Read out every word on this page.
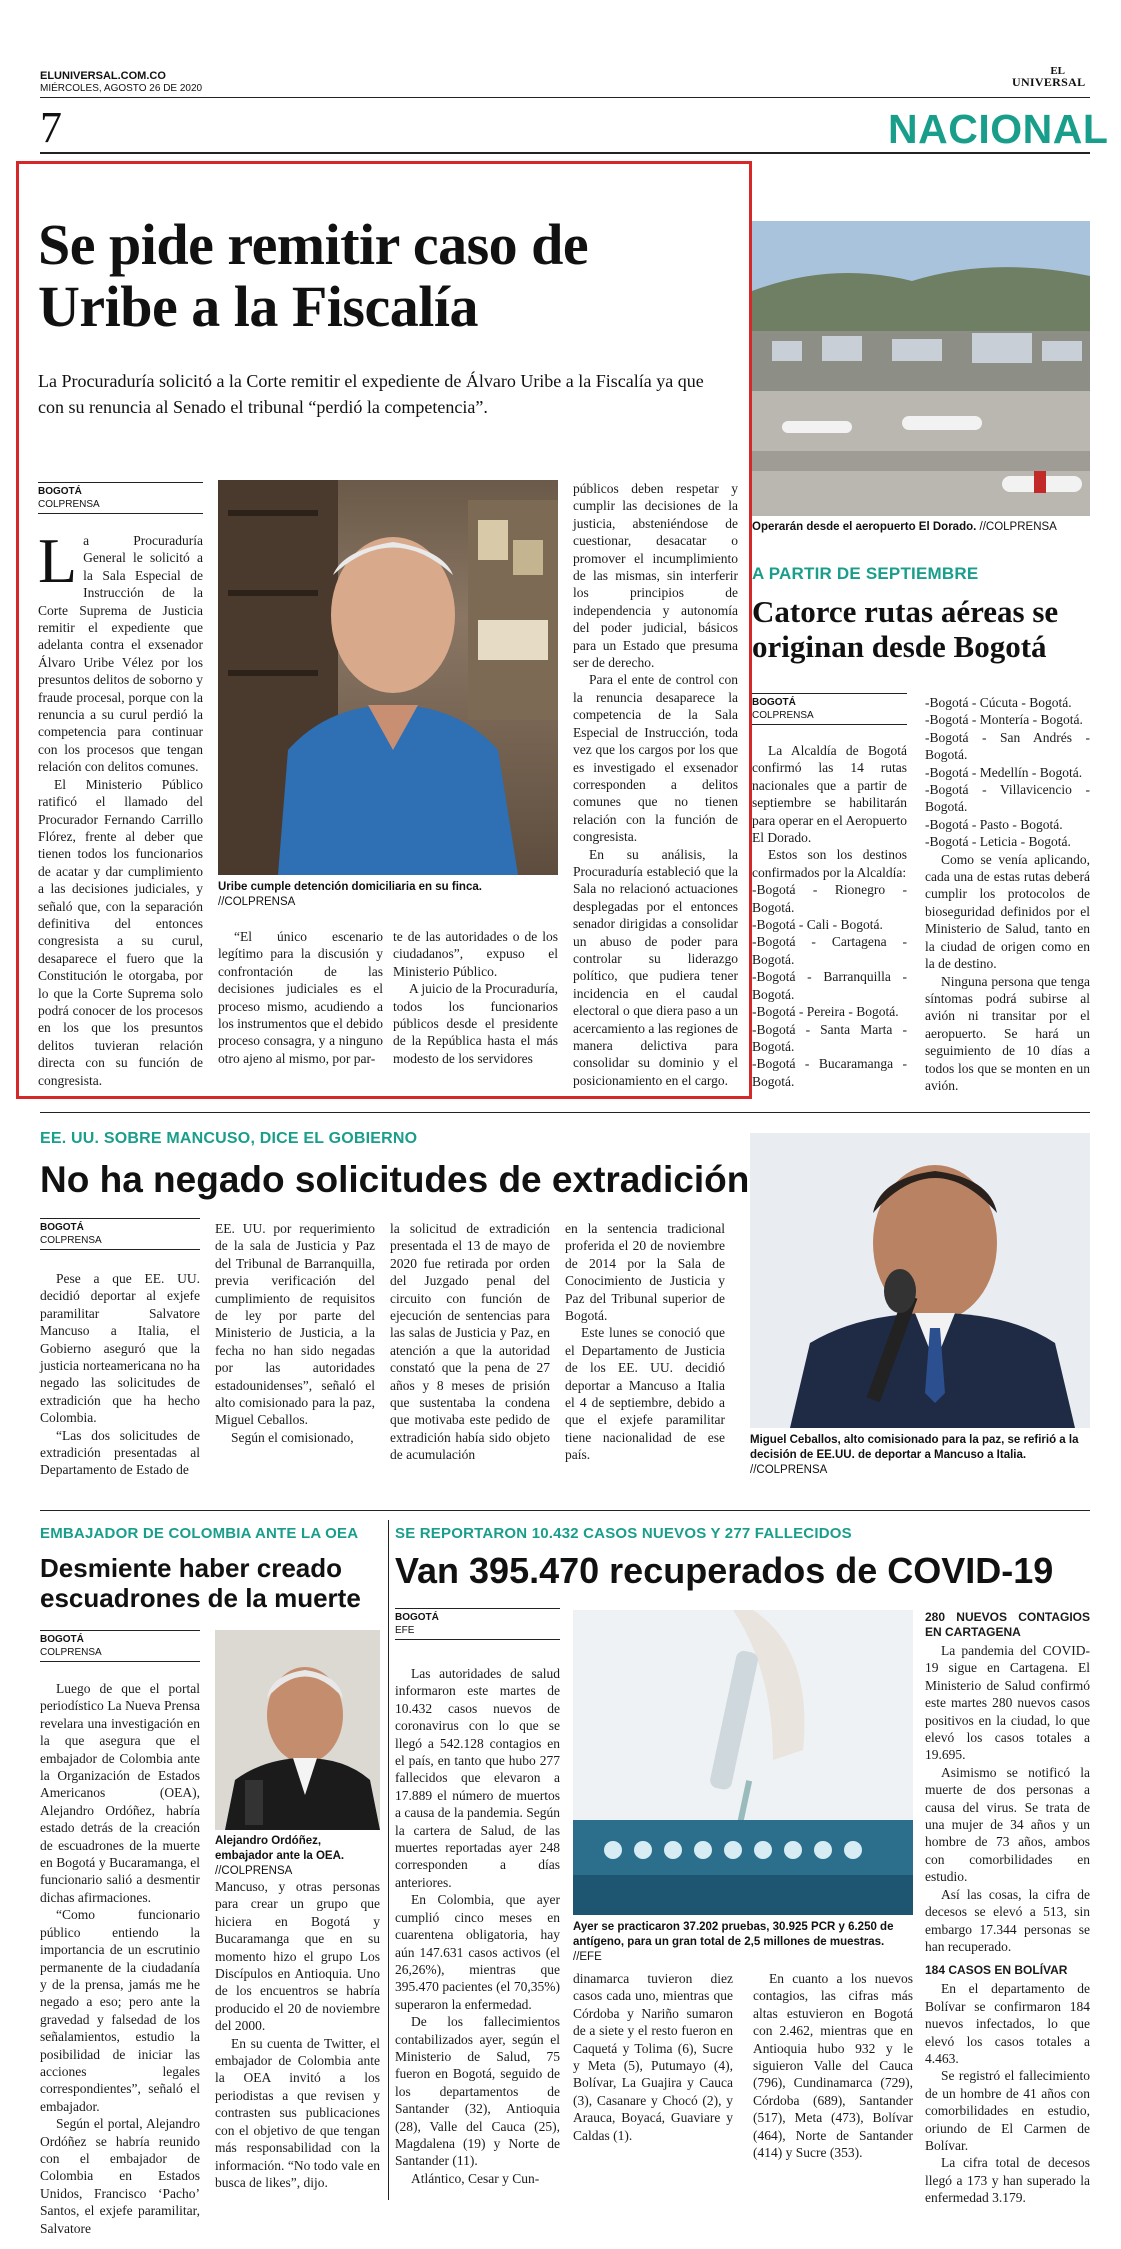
ELUNIVERSAL.COM.CO
MIÉRCOLES, AGOSTO 26 DE 2020
EL
UNIVERSAL
7	NACIONAL
Se pide remitir caso de Uribe a la Fiscalía
La Procuraduría solicitó a la Corte remitir el expediente de Álvaro Uribe a la Fiscalía ya que con su renuncia al Senado el tribunal “perdió la competencia”.
BOGOTÁ
COLPRENSA

La Procuraduría General le solicitó a la Sala Especial de Instrucción de la Corte Suprema de Justicia remitir el expediente que adelanta contra el exsenador Álvaro Uribe Vélez por los presuntos delitos de soborno y fraude procesal, porque con la renuncia a su curul perdió la competencia para continuar con los procesos que tengan relación con delitos comunes.

El Ministerio Público ratificó el llamado del Procurador Fernando Carrillo Flórez, frente al deber que tienen todos los funcionarios de acatar y dar cumplimiento a las decisiones judiciales, y señaló que, con la separación definitiva del entonces congresista a su curul, desaparece el fuero que la Constitución le otorgaba, por lo que la Corte Suprema solo podrá conocer de los procesos en los que los presuntos delitos tuvieran relación directa con su función de congresista.

Uribe cumple detención domiciliaria en su finca. //COLPRENSA

“El único escenario legítimo para la discusión y confrontación de las decisiones judiciales es el proceso mismo, acudiendo a los instrumentos que el debido proceso consagra, y a ninguno otro ajeno al mismo, por par-

te de las autoridades o de los ciudadanos”, expuso el Ministerio Público.

A juicio de la Procuraduría, todos los funcionarios públicos desde el presidente de la República hasta el más modesto de los servidores

públicos deben respetar y cumplir las decisiones de la justicia, absteniéndose de cuestionar, desacatar o promover el incumplimiento de las mismas, sin interferir los principios de independencia y autonomía del poder judicial, básicos para un Estado que presuma ser de derecho.

Para el ente de control con la renuncia desaparece la competencia de la Sala Especial de Instrucción, toda vez que los cargos por los que es investigado el exsenador corresponden a delitos comunes que no tienen relación con la función de congresista.

En su análisis, la Procuraduría estableció que la Sala no relacionó actuaciones desplegadas por el entonces senador dirigidas a consolidar un abuso de poder para controlar su liderazgo político, que pudiera tener incidencia en el caudal electoral o que diera paso a un acercamiento a las regiones de manera delictiva para consolidar su dominio y el posicionamiento en el cargo.

Operarán desde el aeropuerto El Dorado. //COLPRENSA
A PARTIR DE SEPTIEMBRE
Catorce rutas aéreas se originan desde Bogotá
BOGOTÁ
COLPRENSA

La Alcaldía de Bogotá confirmó las 14 rutas nacionales que a partir de septiembre se habilitarán para operar en el Aeropuerto El Dorado.

Estos son los destinos confirmados por la Alcaldía:

-Bogotá - Rionegro - Bogotá.
-Bogotá - Cali - Bogotá.
-Bogotá - Cartagena - Bogotá.
-Bogotá - Barranquilla - Bogotá.
-Bogotá - Pereira - Bogotá.
-Bogotá - Santa Marta - Bogotá.
-Bogotá - Bucaramanga - Bogotá.
-Bogotá - Cúcuta - Bogotá.
-Bogotá - Montería - Bogotá.
-Bogotá - San Andrés - Bogotá.
-Bogotá - Medellín - Bogotá.
-Bogotá - Villavicencio - Bogotá.
-Bogotá - Pasto - Bogotá.
-Bogotá - Leticia - Bogotá.

Como se venía aplicando, cada una de estas rutas deberá cumplir los protocolos de bioseguridad definidos por el Ministerio de Salud, tanto en la ciudad de origen como en la de destino.

Ninguna persona que tenga síntomas podrá subirse al avión ni transitar por el aeropuerto. Se hará un seguimiento de 10 días a todos los que se monten en un avión.

EE. UU. SOBRE MANCUSO, DICE EL GOBIERNO
No ha negado solicitudes de extradición
BOGOTÁ
COLPRENSA

Pese a que EE. UU. decidió deportar al exjefe paramilitar Salvatore Mancuso a Italia, el Gobierno aseguró que la justicia norteamericana no ha negado las solicitudes de extradición que ha hecho Colombia.

“Las dos solicitudes de extradición presentadas al Departamento de Estado de

EE. UU. por requerimiento de la sala de Justicia y Paz del Tribunal de Barranquilla, previa verificación del cumplimiento de requisitos de ley por parte del Ministerio de Justicia, a la fecha no han sido negadas por las autoridades estadounidenses”, señaló el alto comisionado para la paz, Miguel Ceballos.

Según el comisionado,

la solicitud de extradición presentada el 13 de mayo de 2020 fue retirada por orden del Juzgado penal del circuito con función de ejecución de sentencias para las salas de Justicia y Paz, en atención a que la autoridad constató que la pena de 27 años y 8 meses de prisión que sustentaba la condena que motivaba este pedido de extradición había sido objeto de acumulación

en la sentencia tradicional proferida el 20 de noviembre de 2014 por la Sala de Conocimiento de Justicia y Paz del Tribunal superior de Bogotá.

Este lunes se conoció que el Departamento de Justicia de los EE. UU. decidió deportar a Mancuso a Italia el 4 de septiembre, debido a que el exjefe paramilitar tiene nacionalidad de ese país.

Miguel Ceballos, alto comisionado para la paz, se refirió a la decisión de EE.UU. de deportar a Mancuso a Italia. //COLPRENSA
EMBAJADOR DE COLOMBIA ANTE LA OEA
Desmiente haber creado escuadrones de la muerte
BOGOTÁ
COLPRENSA

Luego de que el portal periodístico La Nueva Prensa revelara una investigación en la que asegura que el embajador de Colombia ante la Organización de Estados Americanos (OEA), Alejandro Ordóñez, habría estado detrás de la creación de escuadrones de la muerte en Bogotá y Bucaramanga, el funcionario salió a desmentir dichas afirmaciones.

“Como funcionario público entiendo la importancia de un escrutinio permanente de la ciudadanía y de la prensa, jamás me he negado a eso; pero ante la gravedad y falsedad de los señalamientos, estudio la posibilidad de iniciar las acciones legales correspondientes”, señaló el embajador.

Según el portal, Alejandro Ordóñez se habría reunido con el embajador de Colombia en Estados Unidos, Francisco ‘Pacho’ Santos, el exjefe paramilitar, Salvatore

Alejandro Ordóñez, embajador ante la OEA. //COLPRENSA

Mancuso, y otras personas para crear un grupo que hiciera en Bogotá y Bucaramanga que en su momento hizo el grupo Los Discípulos en Antioquia. Uno de los encuentros se habría producido el 20 de noviembre del 2000.

En su cuenta de Twitter, el embajador de Colombia ante la OEA invitó a los periodistas a que revisen y contrasten sus publicaciones con el objetivo de que tengan más responsabilidad con la información. “No todo vale en busca de likes”, dijo.

SE REPORTARON 10.432 CASOS NUEVOS Y 277 FALLECIDOS
Van 395.470 recuperados de COVID-19
BOGOTÁ
EFE

Las autoridades de salud informaron este martes de 10.432 casos nuevos de coronavirus con lo que se llegó a 542.128 contagios en el país, en tanto que hubo 277 fallecidos que elevaron a 17.889 el número de muertos a causa de la pandemia. Según la cartera de Salud, de las muertes reportadas ayer 248 corresponden a días anteriores.

En Colombia, que ayer cumplió cinco meses en cuarentena obligatoria, hay aún 147.631 casos activos (el 26,26%), mientras que 395.470 pacientes (el 70,35%) superaron la enfermedad.

De los fallecimientos contabilizados ayer, según el Ministerio de Salud, 75 fueron en Bogotá, seguido de los departamentos de Santander (32), Antioquia (28), Valle del Cauca (25), Magdalena (19) y Norte de Santander (11).

Atlántico, Cesar y Cun-

Ayer se practicaron 37.202 pruebas, 30.925 PCR y 6.250 de antígeno, para un gran total de 2,5 millones de muestras. //EFE

dinamarca tuvieron diez casos cada uno, mientras que Córdoba y Nariño sumaron de a siete y el resto fueron en Caquetá y Tolima (6), Sucre y Meta (5), Putumayo (4), Bolívar, La Guajira y Cauca (3), Casanare y Chocó (2), y Arauca, Boyacá, Guaviare y Caldas (1).

En cuanto a los nuevos contagios, las cifras más altas estuvieron en Bogotá con 2.462, mientras que en Antioquia hubo 932 y le siguieron Valle del Cauca (796), Cundinamarca (729), Córdoba (689), Santander (517), Meta (473), Bolívar (464), Norte de Santander (414) y Sucre (353).

280 NUEVOS CONTAGIOS EN CARTAGENA

La pandemia del COVID-19 sigue en Cartagena. El Ministerio de Salud confirmó este martes 280 nuevos casos positivos en la ciudad, lo que elevó los casos totales a 19.695.

Asimismo se notificó la muerte de dos personas a causa del virus. Se trata de una mujer de 34 años y un hombre de 73 años, ambos con comorbilidades en estudio.

Así las cosas, la cifra de decesos se elevó a 513, sin embargo 17.344 personas se han recuperado.

184 CASOS EN BOLÍVAR

En el departamento de Bolívar se confirmaron 184 nuevos infectados, lo que elevó los casos totales a 4.463.

Se registró el fallecimiento de un hombre de 41 años con comorbilidades en estudio, oriundo de El Carmen de Bolívar.

La cifra total de decesos llegó a 173 y han superado la enfermedad 3.179.
